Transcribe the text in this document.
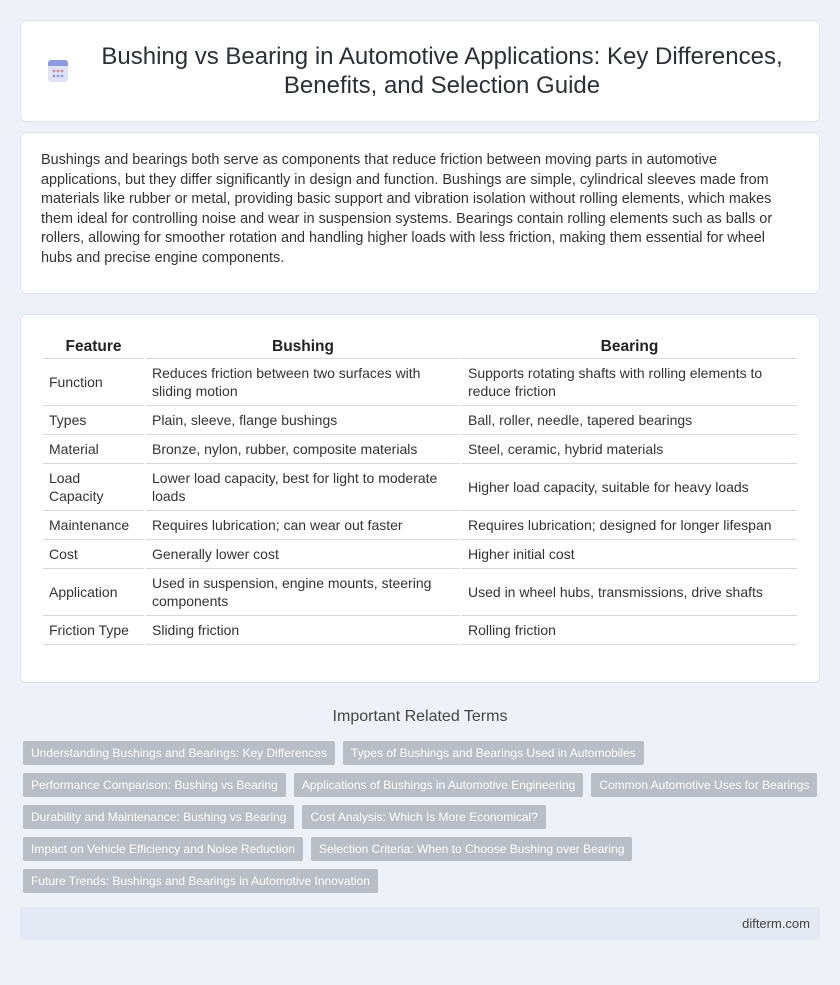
Bushing vs Bearing in Automotive Applications: Key Differences, Benefits, and Selection Guide
Bushings and bearings both serve as components that reduce friction between moving parts in automotive applications, but they differ significantly in design and function. Bushings are simple, cylindrical sleeves made from materials like rubber or metal, providing basic support and vibration isolation without rolling elements, which makes them ideal for controlling noise and wear in suspension systems. Bearings contain rolling elements such as balls or rollers, allowing for smoother rotation and handling higher loads with less friction, making them essential for wheel hubs and precise engine components.
Feature	Bushing	Bearing
Function	Reduces friction between two surfaces with sliding motion	Supports rotating shafts with rolling elements to reduce friction
Types	Plain, sleeve, flange bushings	Ball, roller, needle, tapered bearings
Material	Bronze, nylon, rubber, composite materials	Steel, ceramic, hybrid materials
Load Capacity	Lower load capacity, best for light to moderate loads	Higher load capacity, suitable for heavy loads
Maintenance	Requires lubrication; can wear out faster	Requires lubrication; designed for longer lifespan
Cost	Generally lower cost	Higher initial cost
Application	Used in suspension, engine mounts, steering components	Used in wheel hubs, transmissions, drive shafts
Friction Type	Sliding friction	Rolling friction
Important Related Terms
Understanding Bushings and Bearings: Key Differences	Types of Bushings and Bearings Used in Automobiles
Performance Comparison: Bushing vs Bearing	Applications of Bushings in Automotive Engineering	Common Automotive Uses for Bearings
Durability and Maintenance: Bushing vs Bearing	Cost Analysis: Which Is More Economical?
Impact on Vehicle Efficiency and Noise Reduction	Selection Criteria: When to Choose Bushing over Bearing
Future Trends: Bushings and Bearings in Automotive Innovation
difterm.com
